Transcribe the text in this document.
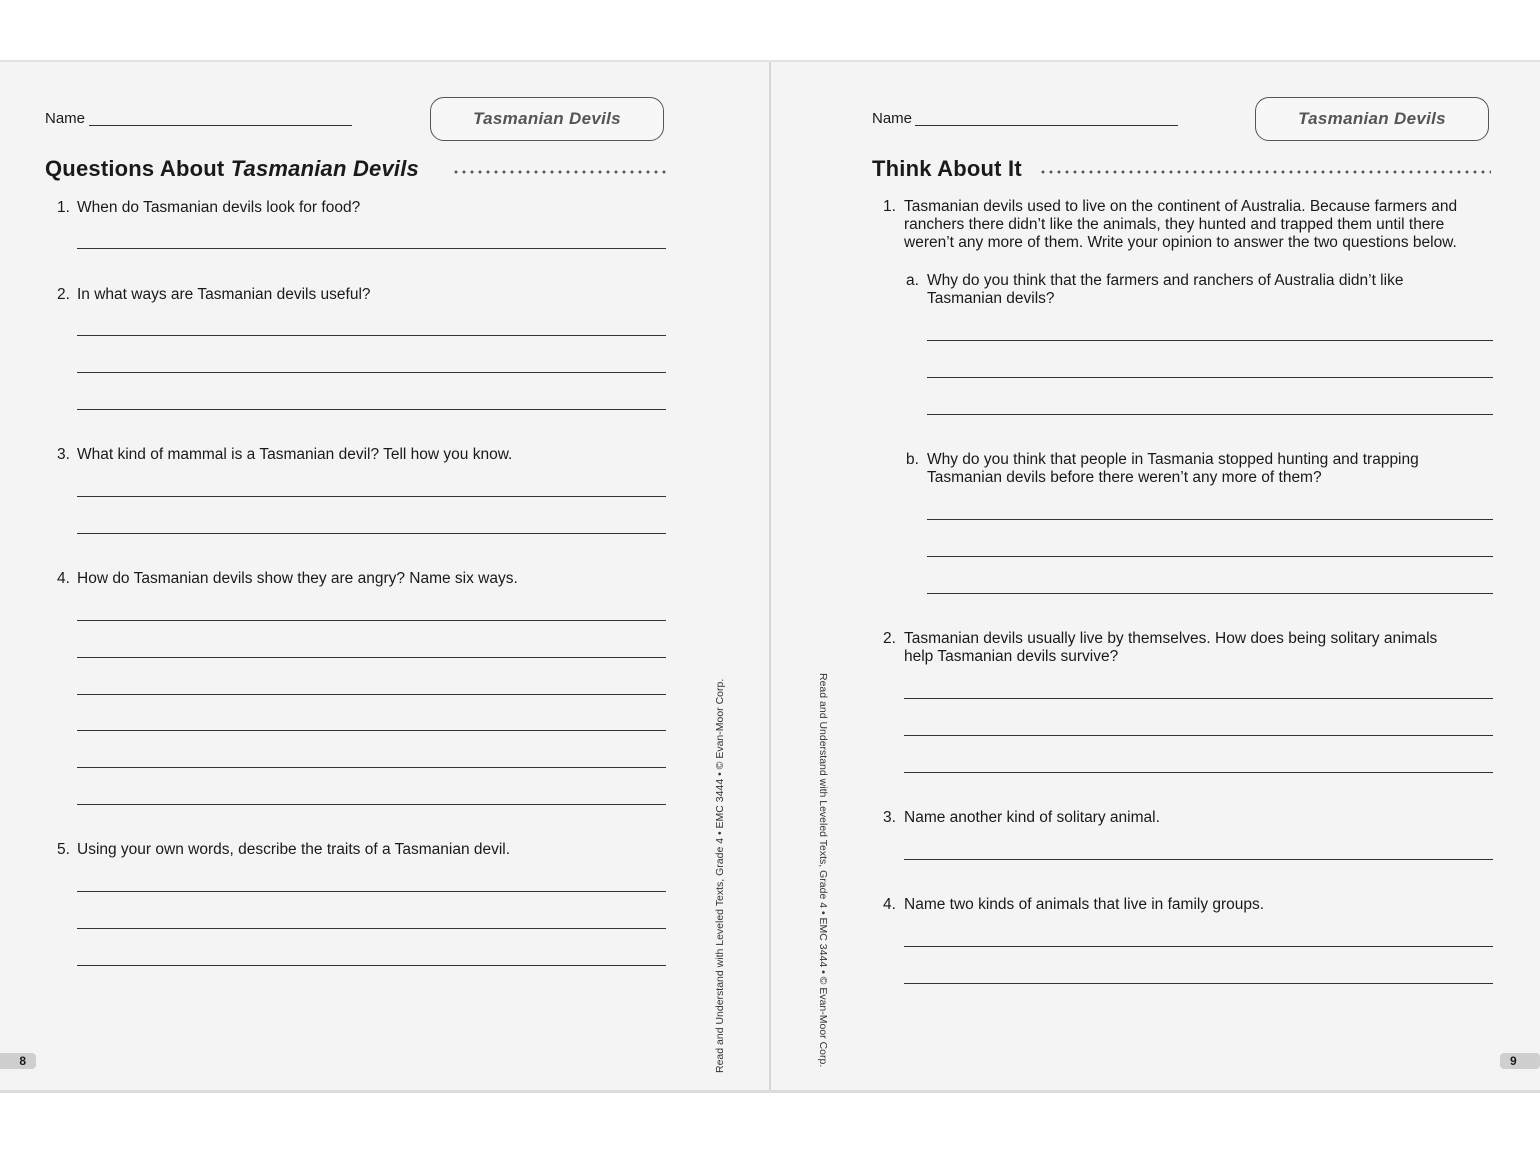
Name	Tasmanian Devils
Questions About Tasmanian Devils
1. When do Tasmanian devils look for food?
2. In what ways are Tasmanian devils useful?
3. What kind of mammal is a Tasmanian devil? Tell how you know.
4. How do Tasmanian devils show they are angry? Name six ways.
5. Using your own words, describe the traits of a Tasmanian devil.	Read and Understand with Leveled Texts, Grade 4 • EMC 3444 • © Evan-Moor Corp.
8
Name	Tasmanian Devils
Think About It
1. Tasmanian devils used to live on the continent of Australia. Because farmers and
ranchers there didn’t like the animals, they hunted and trapped them until there
weren’t any more of them. Write your opinion to answer the two questions below.
a. Why do you think that the farmers and ranchers of Australia didn’t like
Tasmanian devils?
b. Why do you think that people in Tasmania stopped hunting and trapping
Tasmanian devils before there weren’t any more of them?
2. Tasmanian devils usually live by themselves. How does being solitary animals
help Tasmanian devils survive?
3. Name another kind of solitary animal.
4. Name two kinds of animals that live in family groups.
Read and Understand with Leveled Texts, Grade 4 • EMC 3444 • © Evan-Moor Corp.	9
